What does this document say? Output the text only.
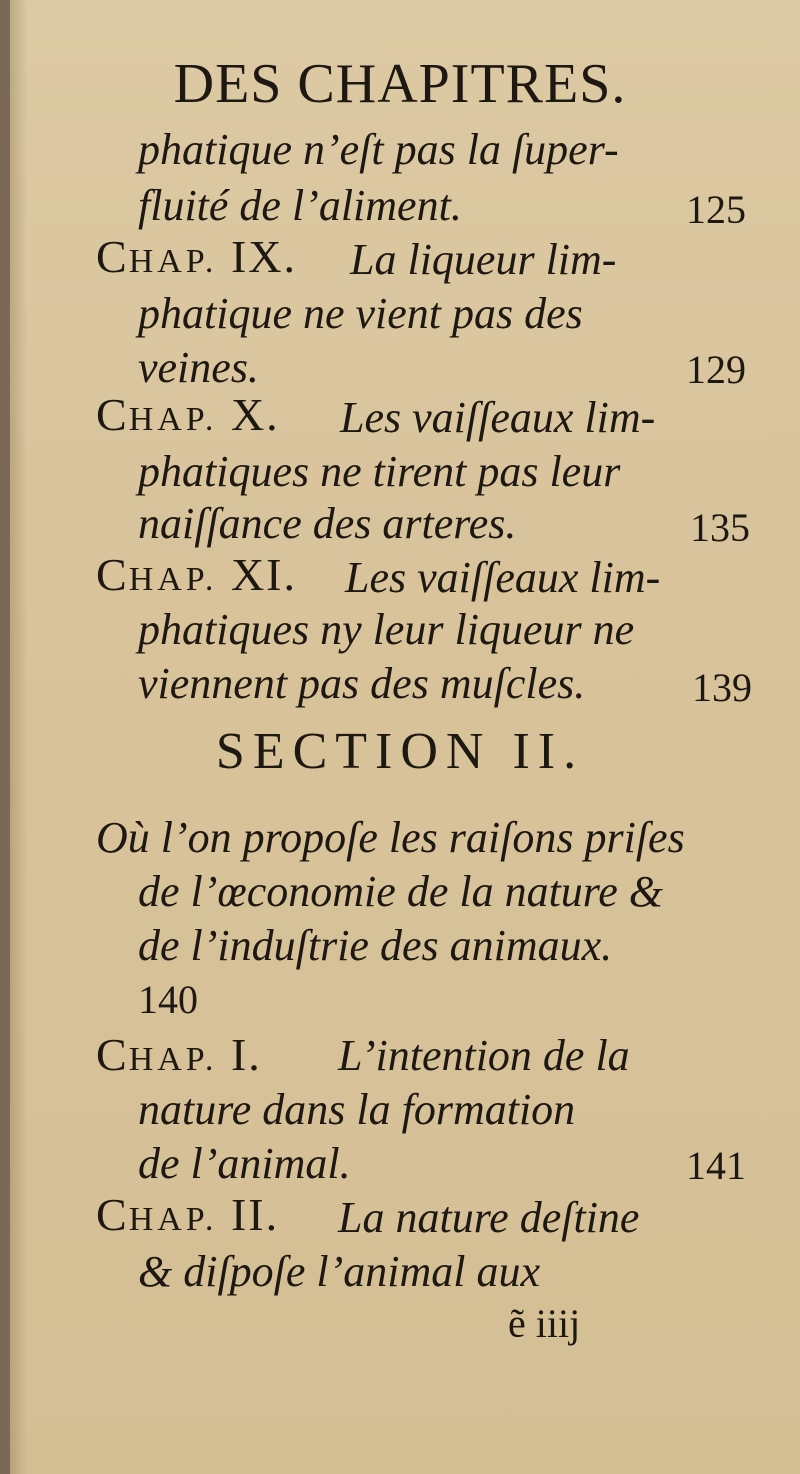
DES CHAPITRES.
phatique n’eſt pas la ſuper-
fluité de l’aliment.	125
CHAP. IX. La liqueur lim-
phatique ne vient pas des
veines.	129
CHAP. X. Les vaiſſeaux lim-
phatiques ne tirent pas leur
naiſſance des arteres.	135
CHAP. XI. Les vaiſſeaux lim-
phatiques ny leur liqueur ne
viennent pas des muſcles.	139
SECTION II.
Où l’on propoſe les raiſons priſes
de l’œconomie de la nature &
de l’induſtrie des animaux.
140
CHAP. I. L’intention de la
nature dans la formation
de l’animal.	141
CHAP. II. La nature deſtine
& diſpoſe l’animal aux
ẽ iiij
